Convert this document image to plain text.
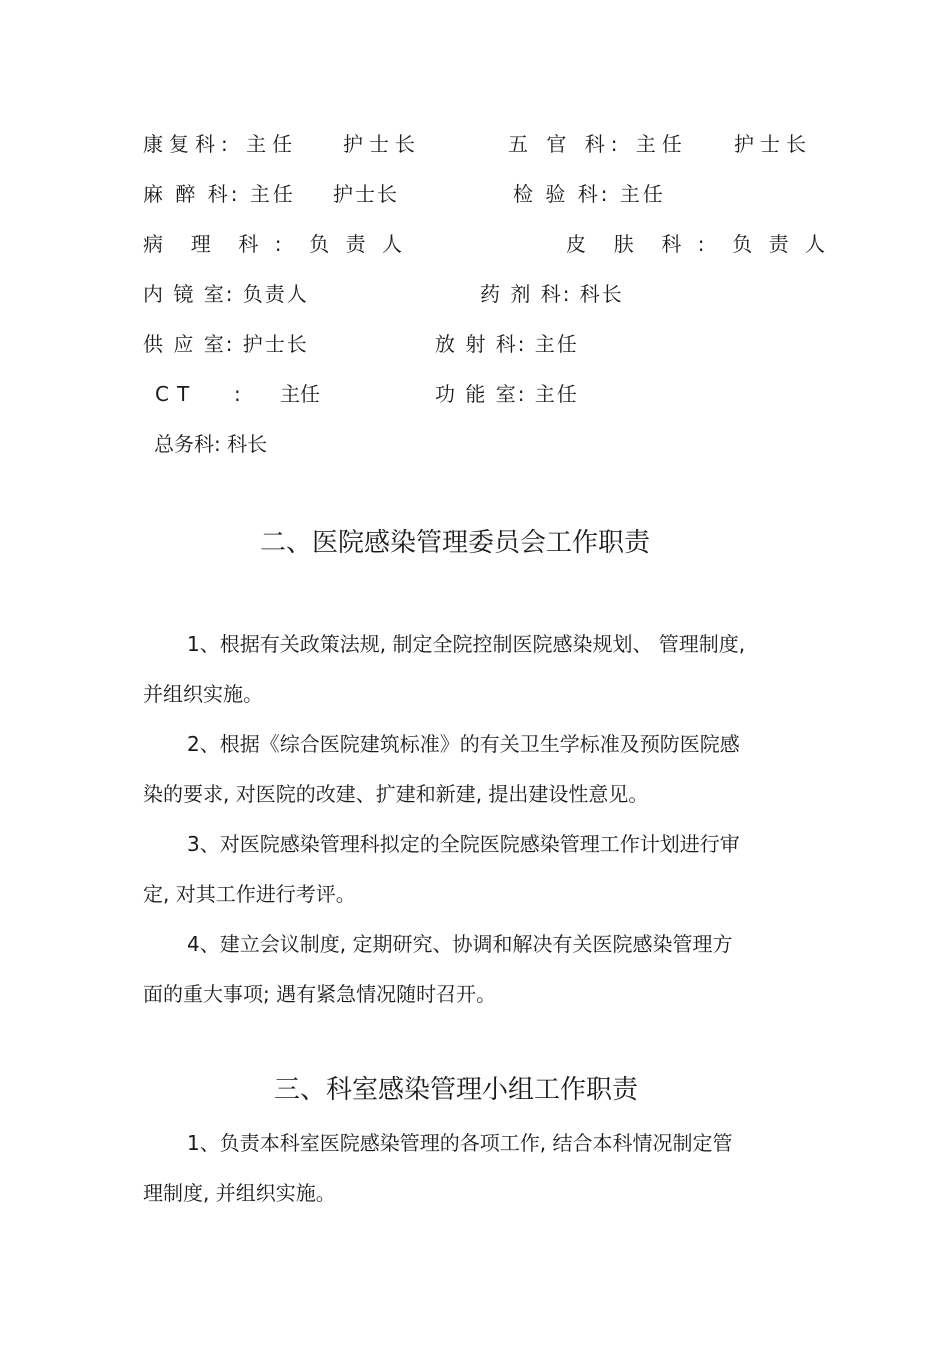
康复科: 主任 护士长	五 官 科: 主任 护士长
麻 醉 科: 主任 护士长	检 验 科: 主任
病  理  科 :  负 责 人	皮  肤  科 :  负 责 人
内 镜 室: 负责人	药 剂 科: 科长
供 应 室: 护士长	放 射 科: 主任
CT : 主任	功 能 室: 主任
总务科: 科长
二、医院感染管理委员会工作职责
1、根据有关政策法规, 制定全院控制医院感染规划、 管理制度,
并组织实施。
2、根据《综合医院建筑标准》的有关卫生学标准及预防医院感
染的要求, 对医院的改建、扩建和新建, 提出建设性意见。
3、对医院感染管理科拟定的全院医院感染管理工作计划进行审
定, 对其工作进行考评。
4、建立会议制度, 定期研究、协调和解决有关医院感染管理方
面的重大事项; 遇有紧急情况随时召开。
三、科室感染管理小组工作职责
1、负责本科室医院感染管理的各项工作, 结合本科情况制定管
理制度, 并组织实施。
